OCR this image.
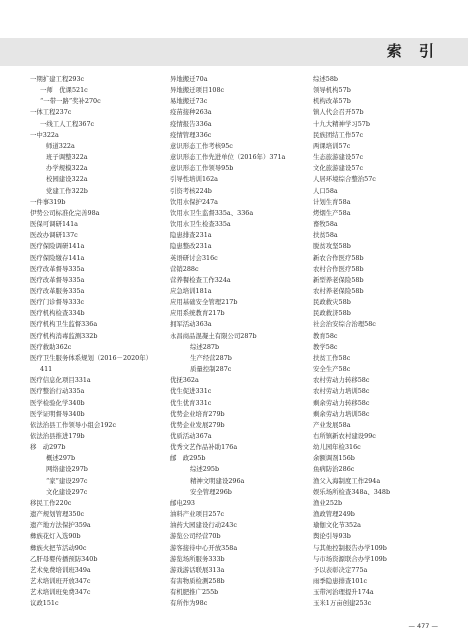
索 引
一期扩建工程293c
一师　优课521c
“一带一路”奖补270c
一体工程237c
一线工人工程367c
一中322a
师道322a
班子调整322a
办学规模322a
校园建设322a
党建工作322b
一件事319b
伊势公司标准化完善98a
医保可调研141a
医改办调研137c
医疗保险调研141a
医疗保险缴存141a
医疗改革督导335a
医疗改革督导335a
医疗改革服务335a
医疗门诊督导333c
医疗机构检查334b
医疗机构卫生监督336a
医疗机构消毒监测332b
医疗救助362c
医疗卫生服务体系规划（2016－2020年）
411
医疗信息化项目331a
医疗整治行动335a
医学检验化学340b
医学证明督导340b
依法治县工作领导小组会192c
依法治县推进179b
移　动297b
概述297b
网络建设297b
“家”建设297c
文化建设297c
移民工作220c
遗产规划管理350c
遗产地方法保护359a
彝族花灯入选90b
彝族火把节活动90c
乙肝母婴传播预防340b
艺术免费培训班349a
艺术培训班开放347c
艺术培训班免费347c
议政151c
异地搬迁70a
异地搬迁项目108c
易地搬迁73c
疫苗接种263a
疫情报告336a
疫情管理336c
意识形态工作考核95c
意识形态工作先进单位（2016年）371a
意识形态工作领导95b
引导性培训162a
引资考核224b
饮用水保护247a
饮用水卫生监督335a、336a
饮用水卫生检查335a
隐患排查231a
隐患整改231a
英语研讨会316c
营销288c
营养餐检查工作324a
应急培训181a
应用基础安全管理217b
应用系统教育217b
拥军活动363a
永昌商品混凝土有限公司287b
综述287b
生产经营287b
质量控制287c
优抚362a
优生促进331c
优生优育331c
优势企业培育279b
优势企业发展279b
优质活动367a
优秀文艺作品补助176a
邮　政295b
综述295b
精神文明建设296a
安全管理296b
邮电293
油料产业项目257c
油药大园建设行动243c
游览公司经营70b
游客接待中心开放358a
游览场所服务333b
游戏游话联展313a
有害物质检测258b
有机肥推广255b
有所作为98c
综述58b
领导机构57b
机构改革57b
镇人代会召开57b
十九大精神学习57b
民族团结工作57c
两课培训57c
生态旅游建设57c
文化旅游建设57c
人居环境综合整治57c
人口58a
计划生育58a
烤烟生产58a
畜牧58a
扶贫58a
脱贫攻坚58b
新农合作医疗58b
农村合作医疗58b
新型养老保险58b
农村养老保险58b
民政救灾58b
民政救济58b
社会治安综合治理58c
教育58c
教学58c
扶贫工作58c
安全生产58c
农村劳动力转移58c
农村劳动力培训58c
剩余劳动力转移58c
剩余劳动力培训58c
产业发展58a
右所镇新农村建设99c
幼儿园年检316c
余额调剂156b
鱼病防治286c
渔父入海制度工作294a
娱乐场所检查348a、348b
渔业252b
渔政管理249b
瑜伽文化节352a
舆论引导93b
与其他控制报告办学109b
与市场资源联合办学109b
予以表彰决定775a
雨季隐患排查101c
玉带河治理提升174a
玉米1万亩创建253c
— 477 —
